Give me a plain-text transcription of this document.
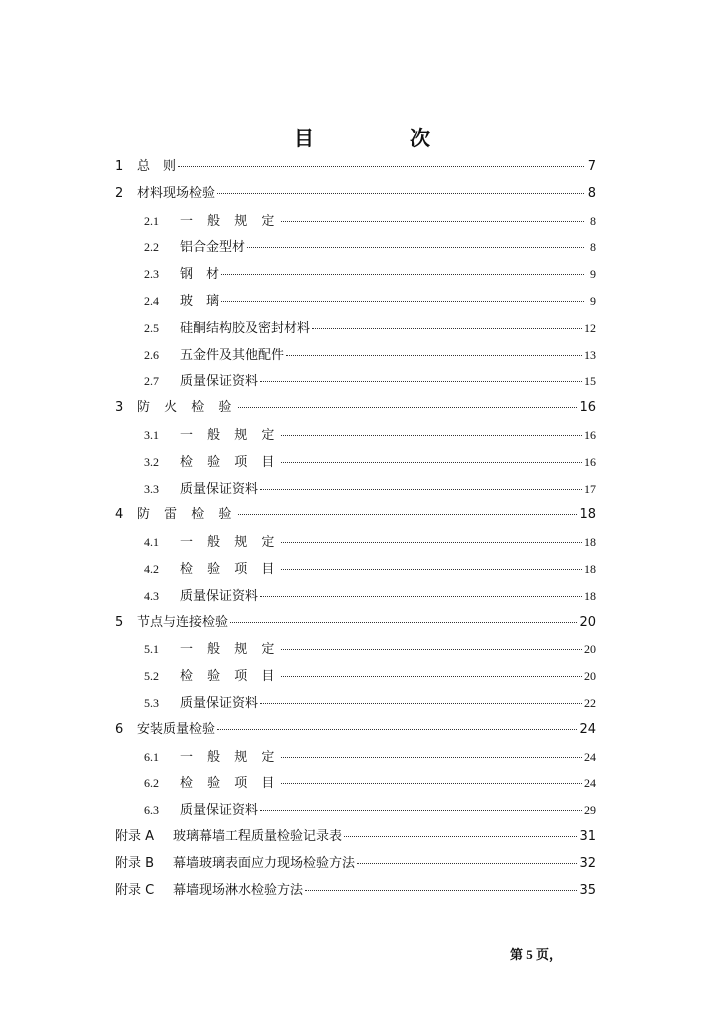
目　次
1	总　则	7
2	材料现场检验	8
2.1	一 般 规 定	8
2.2	铝合金型材	8
2.3	钢　材	9
2.4	玻　璃	9
2.5	硅酮结构胶及密封材料	12
2.6	五金件及其他配件	13
2.7	质量保证资料	15
3	防 火 检 验	16
3.1	一 般 规 定	16
3.2	检 验 项 目	16
3.3	质量保证资料	17
4	防 雷 检 验	18
4.1	一 般 规 定	18
4.2	检 验 项 目	18
4.3	质量保证资料	18
5	节点与连接检验	20
5.1	一 般 规 定	20
5.2	检 验 项 目	20
5.3	质量保证资料	22
6	安装质量检验	24
6.1	一 般 规 定	24
6.2	检 验 项 目	24
6.3	质量保证资料	29
附录 A	玻璃幕墙工程质量检验记录表	31
附录 B	幕墙玻璃表面应力现场检验方法	32
附录 C	幕墙现场淋水检验方法	35
第 5 页，
